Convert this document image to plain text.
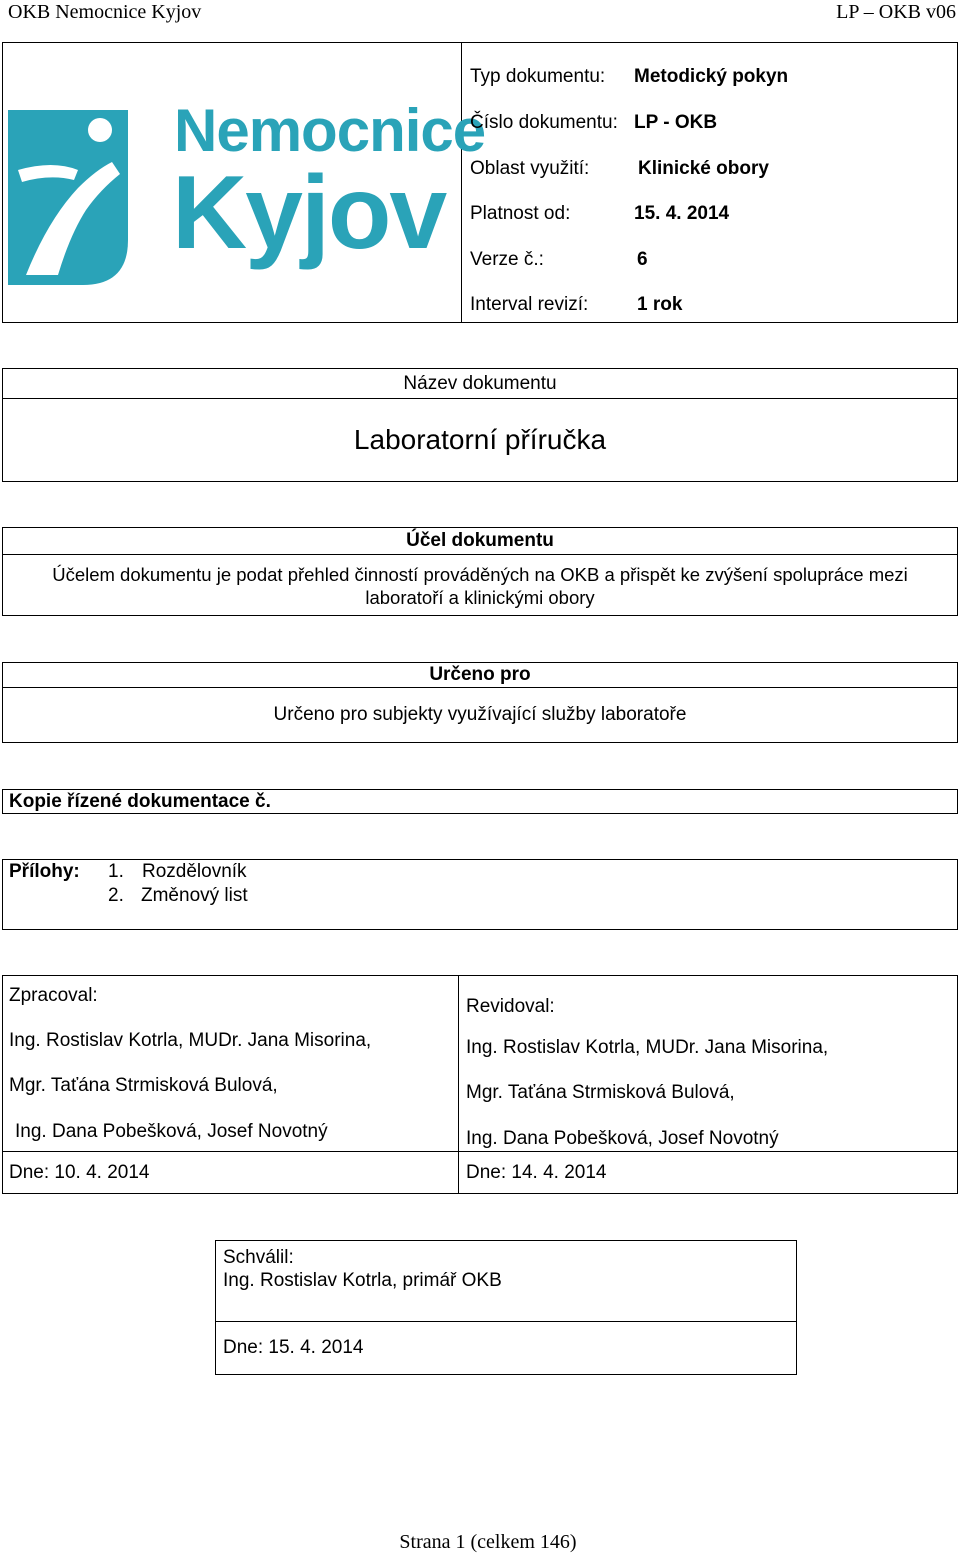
OKB Nemocnice Kyjov	LP – OKB v06
Nemocnice
Kyjov
Typ dokumentu: Metodický pokyn
Číslo dokumentu: LP - OKB
Oblast využití:	Klinické obory
Platnost od:	15. 4. 2014
Verze č.:	6
Interval revizí:	1 rok
Název dokumentu
Laboratorní příručka
Účel dokumentu
Účelem dokumentu je podat přehled činností prováděných na OKB a přispět ke zvýšení spolupráce mezi
laboratoří a klinickými obory
Určeno pro
Určeno pro subjekty využívající služby laboratoře
Kopie řízené dokumentace č.
Přílohy: 1. Rozdělovník
2. Změnový list
Zpracoval:
Ing. Rostislav Kotrla, MUDr. Jana Misorina,
Mgr. Taťána Strmisková Bulová,
Ing. Dana Pobešková, Josef Novotný
Dne: 10. 4. 2014
Revidoval:
Ing. Rostislav Kotrla, MUDr. Jana Misorina,
Mgr. Taťána Strmisková Bulová,
Ing. Dana Pobešková, Josef Novotný
Dne: 14. 4. 2014
Schválil:
Ing. Rostislav Kotrla, primář OKB
Dne: 15. 4. 2014
Strana 1 (celkem 146)
